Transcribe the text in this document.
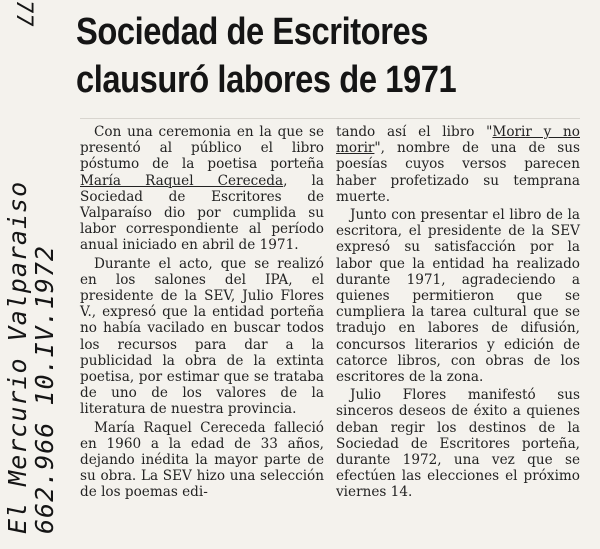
77
El Mercurio Valparaiso
662.966 10.IV.1972
Sociedad de Escritores
clausuró labores de 1971

Con una ceremonia en la que se presentó al público el libro póstumo de la poetisa porteña María Raquel Cereceda, la Sociedad de Escritores de Valparaíso dio por cumplida su labor correspondiente al período anual iniciado en abril de 1971.

Durante el acto, que se realizó en los salones del IPA, el presidente de la SEV, Julio Flores V., expresó que la entidad porteña no había vacilado en buscar todos los recursos para dar a la publicidad la obra de la extinta poetisa, por estimar que se trataba de uno de los valores de la literatura de nuestra provincia.

María Raquel Cereceda falleció en 1960 a la edad de 33 años, dejando inédita la mayor parte de su obra. La SEV hizo una selección de los poemas edi-

tando así el libro "Morir y no morir", nombre de una de sus poesías cuyos versos parecen haber profetizado su temprana muerte.

Junto con presentar el libro de la escritora, el presidente de la SEV expresó su satisfacción por la labor que la entidad ha realizado durante 1971, agradeciendo a quienes permitieron que se cumpliera la tarea cultural que se tradujo en labores de difusión, concursos literarios y edición de catorce libros, con obras de los escritores de la zona.

Julio Flores manifestó sus sinceros deseos de éxito a quienes deban regir los destinos de la Sociedad de Escritores porteña, durante 1972, una vez que se efectúen las elecciones el próximo viernes 14.
